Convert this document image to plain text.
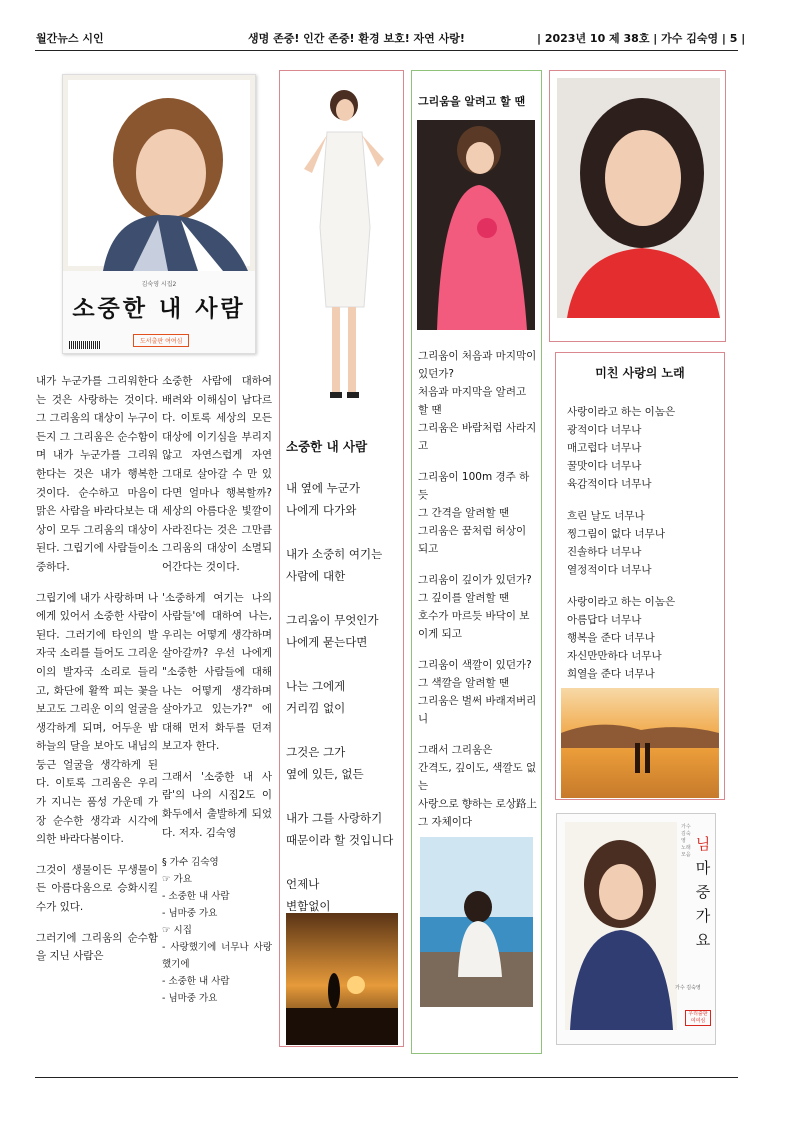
월간뉴스 시인	생명 존중! 인간 존중! 환경 보호! 자연 사랑!	| 2023년 10 제 38호 | 가수 김숙영 | 5 |
김숙영 시집2
소중한 내 사람
도서출판 여여심

내가 누군가를 그리워한다는 것은 사랑하는 것이다. 그 그리움의 대상이 누구이든지 그 그리움은 순수함이며 내가 누군가를 그리워 한다는 것은 내가 행복한 것이다. 순수하고 마음이 맑은 사람을 바라다보는 대상이 모두 그리움의 대상이 된다. 그립기에 사람들이소중하다.

그립기에 내가 사랑하며 나에게 있어서 소중한 사람이 된다. 그러기에 타인의 발자국 소리를 들어도 그리운 이의 발자국 소리로 들리고, 화단에 활짝 피는 꽃을 보고도 그리운 이의 얼굴을 생각하게 되며, 어두운 밤하늘의 달을 보아도 내님의 둥근 얼굴을 생각하게 된다. 이토록 그리움은 우리가 지니는 품성 가운데 가장 순수한 생각과 시각에 의한 바라다봄이다.

그것이 생물이든 무생물이든 아름다움으로 승화시킬 수가 있다.

그러기에 그리움의 순수함을 지닌 사람은

소중한 사람에 대하여 배려와 이해심이 남다르다. 이토록 세상의 모든 대상에 이기심을 부리지 않고 자연스럽게 자연 그대로 살아갈 수 만 있다면 얼마나 행복할까? 세상의 아름다운 빛깔이 사라진다는 것은 그만큼 그리움의 대상이 소멸되어간다는 것이다.

'소중하게 여기는 나의 사람들'에 대하여 나는, 우리는 어떻게 생각하며 살아갈까? 우선 나에게 "소중한 사람들에 대해 나는 어떻게 생각하며 살아가고 있는가?" 에 대해 먼저 화두를 던져보고자 한다.

그래서 '소중한 내 사람'의 나의 시집2도 이 화두에서 출발하게 되었다. 저자. 김숙영

§ 가수 김숙영
☞ 가요
- 소중한 내 사람
- 님마중 가요
☞ 시집
- 사랑했기에 너무나 사랑했기에
- 소중한 내 사람
- 님마중 가요

소중한 내 사람

내 옆에 누군가
나에게 다가와

내가 소중히 여기는
사람에 대한

그리움이 무엇인가
나에게 묻는다면

나는 그에게
거리낌 없이

그것은 그가
옆에 있든, 없든

내가 그를 사랑하기
때문이라 할 것입니다

언제나
변함없이

그리움을 알려고 할 땐

그리움이 처음과 마지막이 있던가?
처음과 마지막을 알려고 할 땐
그리움은 바람처럼 사라지고

그리움이 100m 경주 하듯
그 간격을 알려할 땐
그리움은 꿈처럼 허상이 되고

그리움이 깊이가 있던가?
그 깊이를 알려할 땐
호수가 마르듯 바닥이 보이게 되고

그리움이 색깔이 있던가?
그 색깔을 알려할 땐
그리움은 벌써 바래져버리니

그래서 그리움은
간격도, 깊이도, 색깔도 없는
사랑으로 향하는 로상路上 그 자체이다

미친 사랑의 노래

사랑이라고 하는 이놈은
광적이다 너무나
매고럽다 너무나
꿀맛이다 너무나
육감적이다 너무나

흐린 날도 너무나
찡그림이 없다 너무나
진솔하다 너무나
열정적이다 너무나

사랑이라고 하는 이놈은
아름답다 너무나
행복을 준다 너무나
자신만만하다 너무나
희열을 준다 너무나

가수 김숙영 노래 모음
님
마
중
가
요
가수 김숙영
우리출판 여여심
